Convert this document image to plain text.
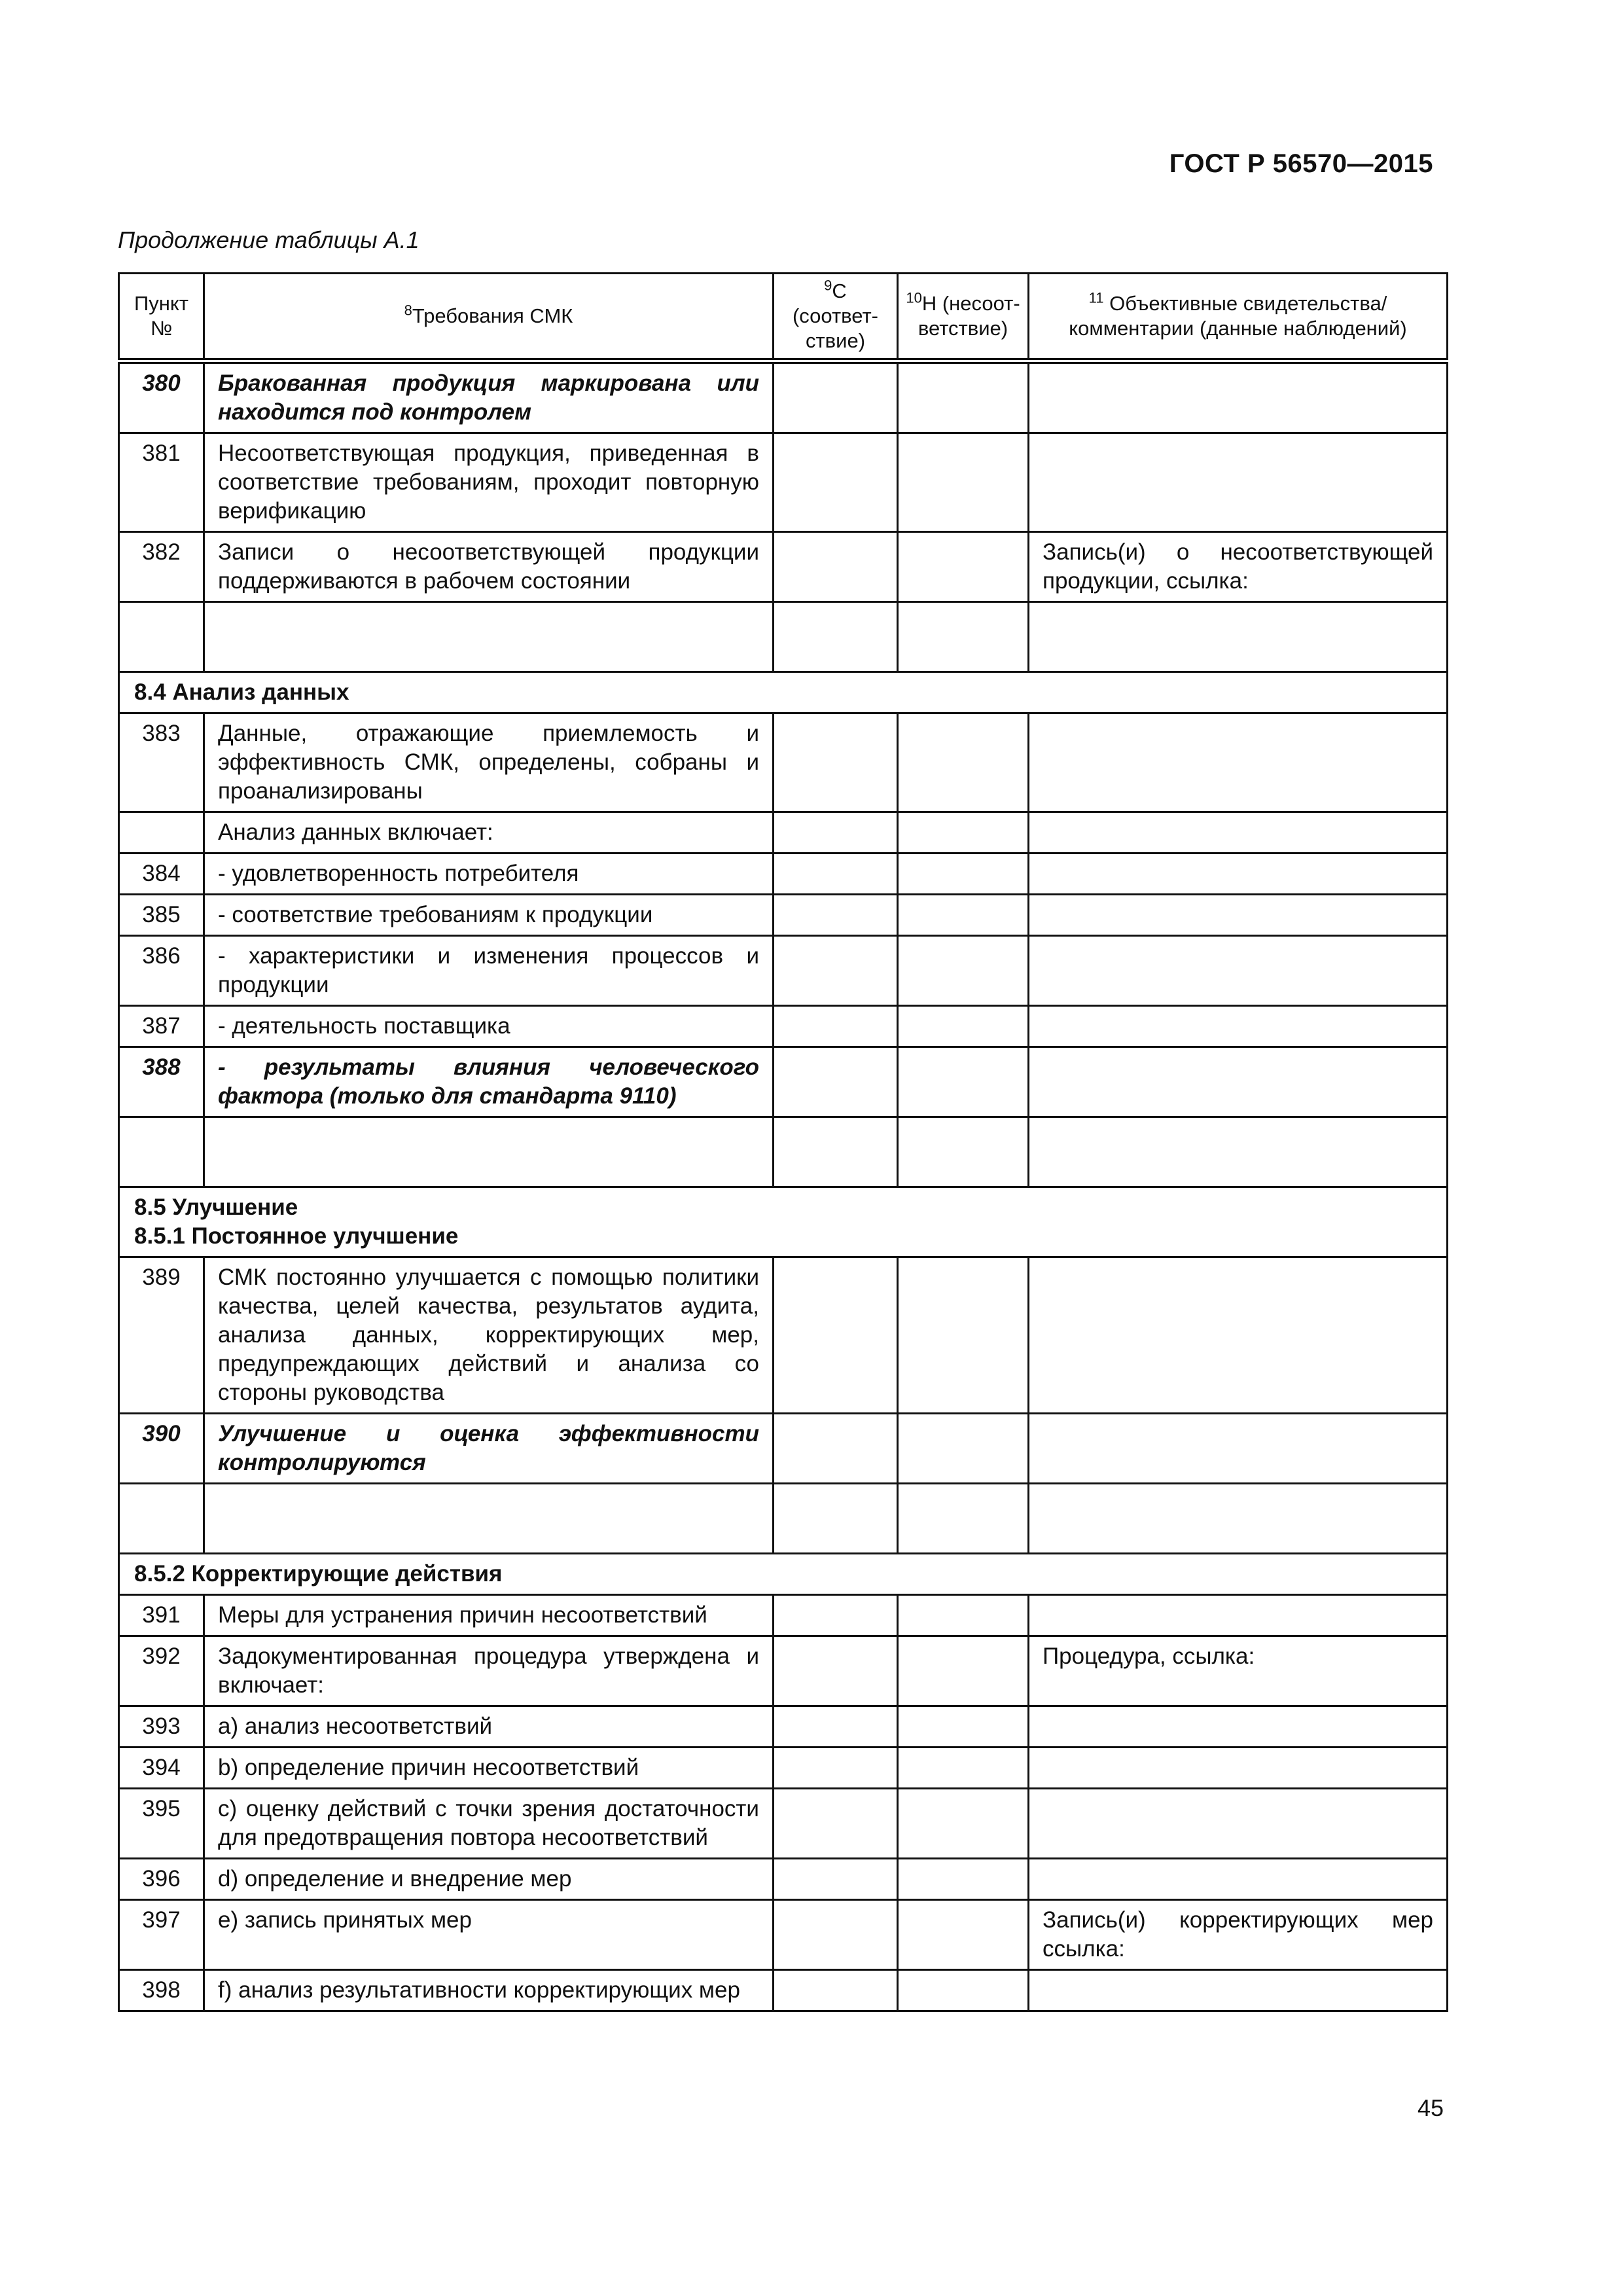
ГОСТ Р 56570—2015
Продолжение таблицы А.1
Пункт №	$^8$Требования СМК	$^9$С (соответ-ствие)	$^{10}$Н (несоот-ветствие)	$^{11}$ Объективные свидетельства/ комментарии (данные наблюдений)
380	Бракованная продукция маркирована или находится под контролем			
381	Несоответствующая продукция, приведенная в соответствие требованиям, проходит повторную верификацию			
382	Записи о несоответствующей продукции поддерживаются в рабочем состоянии			Запись(и) о несоответствующей продукции, ссылка:

8.4 Анализ данных				
383	Данные, отражающие приемлемость и эффективность СМК, определены, собраны и проанализированы			
	Анализ данных включает:			
384	- удовлетворенность потребителя			
385	- соответствие требованиям к продукции			
386	- характеристики и изменения процессов и продукции			
387	- деятельность поставщика			
388	- результаты влияния человеческого фактора (только для стандарта 9110)			

8.5 Улучшение
8.5.1 Постоянное улучшение				
389	СМК постоянно улучшается с помощью политики качества, целей качества, результатов аудита, анализа данных, корректирующих мер, предупреждающих действий и анализа со стороны руководства			
390	Улучшение и оценка эффективности контролируются			

8.5.2 Корректирующие действия				
391	Меры для устранения причин несоответствий			
392	Задокументированная процедура утверждена и включает:			Процедура, ссылка:
393	a) анализ несоответствий			
394	b) определение причин несоответствий			
395	c) оценку действий с точки зрения достаточности для предотвращения повтора несоответствий			
396	d) определение и внедрение мер			
397	e) запись принятых мер			Запись(и) корректирующих мер ссылка:
398	f) анализ результативности корректирующих мер			
45
